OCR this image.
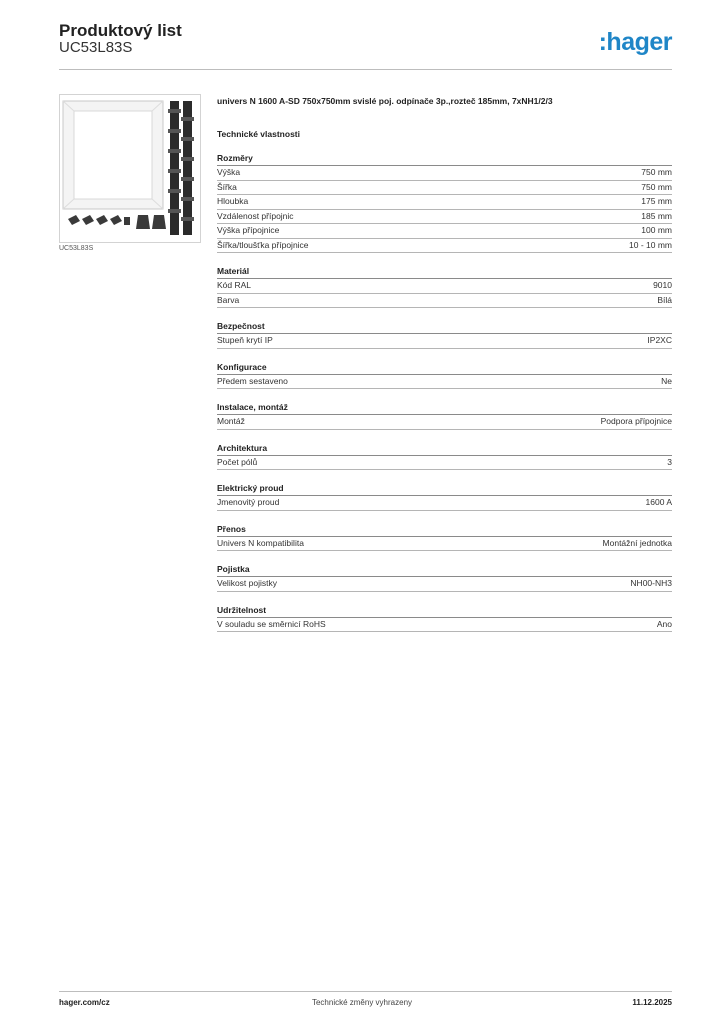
Produktový list
UC53L83S	:hager
UC53L83S
univers N 1600 A-SD 750x750mm svislé poj. odpínače 3p.,rozteč 185mm, 7xNH1/2/3
Technické vlastnosti
Rozměry
Výška	750 mm
Šířka	750 mm
Hloubka	175 mm
Vzdálenost přípojnic	185 mm
Výška přípojnice	100 mm
Šířka/tloušťka přípojnice	10 - 10 mm
Materiál
Kód RAL	9010
Barva	Bílá
Bezpečnost
Stupeň krytí IP	IP2XC
Konfigurace
Předem sestaveno	Ne
Instalace, montáž
Montáž	Podpora přípojnice
Architektura
Počet pólů	3
Elektrický proud
Jmenovitý proud	1600 A
Přenos
Univers N kompatibilita	Montážní jednotka
Pojistka
Velikost pojistky	NH00-NH3
Udržitelnost
V souladu se směrnicí RoHS	Ano
hager.com/cz	Technické změny vyhrazeny	11.12.2025
